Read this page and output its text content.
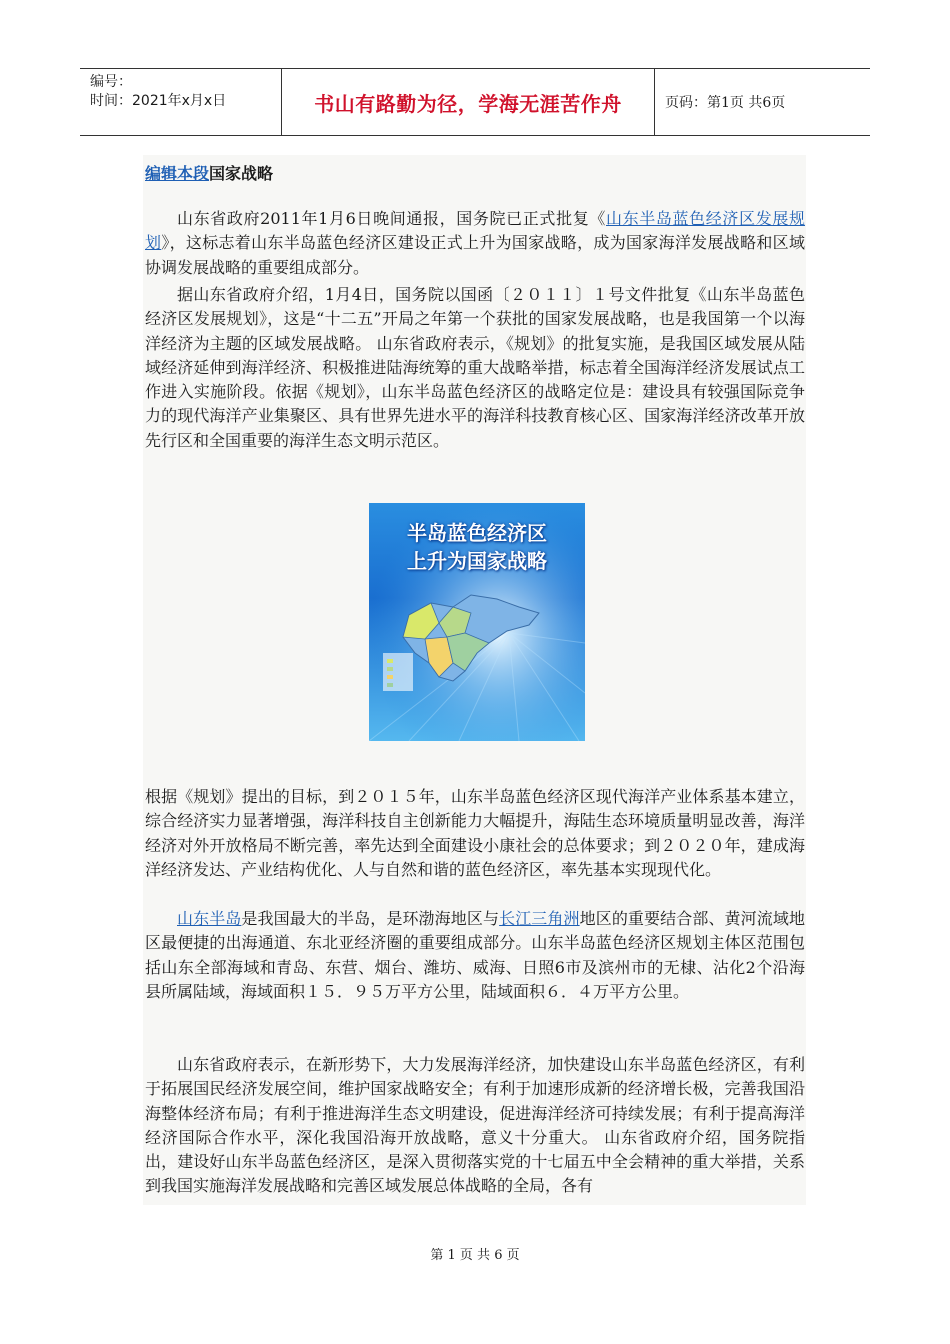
编号：
时间：2021年x月x日	书山有路勤为径，学海无涯苦作舟	页码：第1页 共6页
编辑本段国家战略

山东省政府2011年1月6日晚间通报，国务院已正式批复《山东半岛蓝色经济区发展规划》，这标志着山东半岛蓝色经济区建设正式上升为国家战略，成为国家海洋发展战略和区域协调发展战略的重要组成部分。

据山东省政府介绍，1月4日，国务院以国函〔２０１１〕１号文件批复《山东半岛蓝色经济区发展规划》，这是“十二五”开局之年第一个获批的国家发展战略，也是我国第一个以海洋经济为主题的区域发展战略。 山东省政府表示，《规划》的批复实施，是我国区域发展从陆域经济延伸到海洋经济、积极推进陆海统筹的重大战略举措，标志着全国海洋经济发展试点工作进入实施阶段。依据《规划》，山东半岛蓝色经济区的战略定位是：建设具有较强国际竞争力的现代海洋产业集聚区、具有世界先进水平的海洋科技教育核心区、国家海洋经济改革开放先行区和全国重要的海洋生态文明示范区。

半岛蓝色经济区
上升为国家战略

根据《规划》提出的目标，到２０１５年，山东半岛蓝色经济区现代海洋产业体系基本建立，综合经济实力显著增强，海洋科技自主创新能力大幅提升，海陆生态环境质量明显改善，海洋经济对外开放格局不断完善，率先达到全面建设小康社会的总体要求；到２０２０年，建成海洋经济发达、产业结构优化、人与自然和谐的蓝色经济区，率先基本实现现代化。

山东半岛是我国最大的半岛，是环渤海地区与长江三角洲地区的重要结合部、黄河流域地区最便捷的出海通道、东北亚经济圈的重要组成部分。山东半岛蓝色经济区规划主体区范围包括山东全部海域和青岛、东营、烟台、潍坊、威海、日照6市及滨州市的无棣、沾化2个沿海县所属陆域，海域面积１５．９５万平方公里，陆域面积６．４万平方公里。

山东省政府表示，在新形势下，大力发展海洋经济，加快建设山东半岛蓝色经济区，有利于拓展国民经济发展空间，维护国家战略安全；有利于加速形成新的经济增长极，完善我国沿海整体经济布局；有利于推进海洋生态文明建设，促进海洋经济可持续发展；有利于提高海洋经济国际合作水平，深化我国沿海开放战略，意义十分重大。 山东省政府介绍，国务院指出，建设好山东半岛蓝色经济区，是深入贯彻落实党的十七届五中全会精神的重大举措，关系到我国实施海洋发展战略和完善区域发展总体战略的全局，各有

第 1 页 共 6 页
